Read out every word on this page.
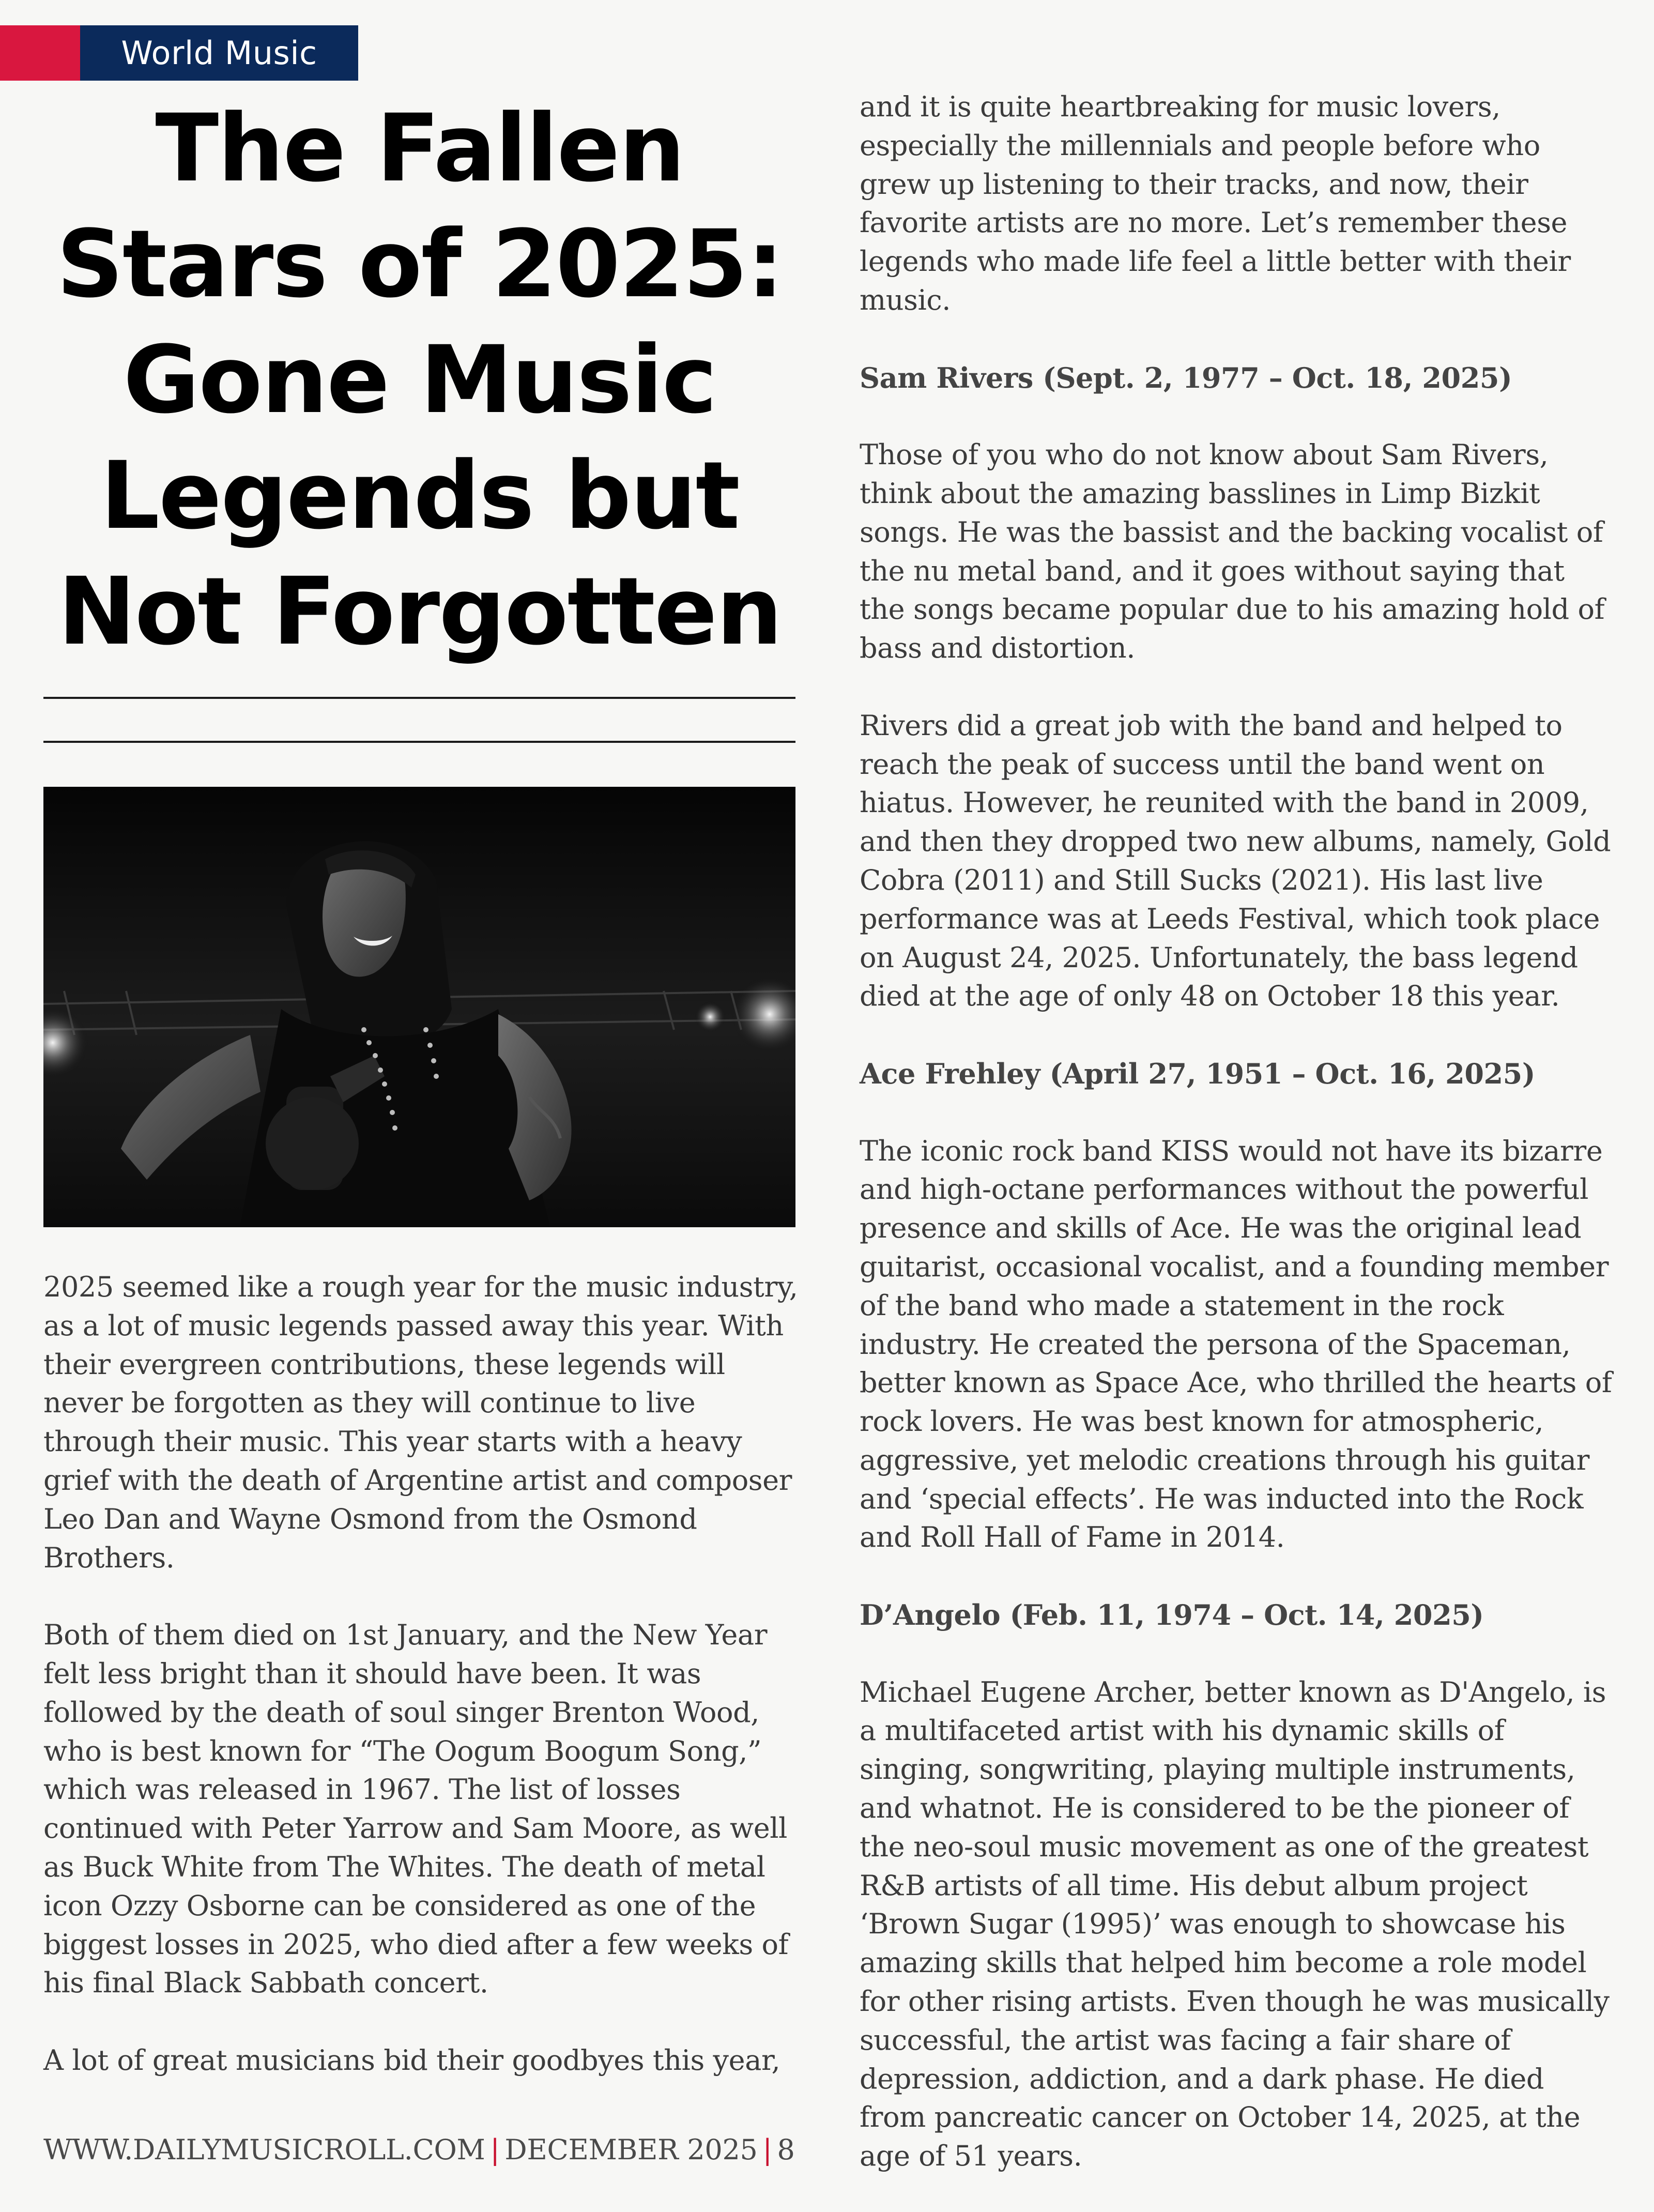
World Music
The Fallen Stars of 2025: Gone Music Legends but Not Forgotten

2025 seemed like a rough year for the music industry, as a lot of music legends passed away this year. With their evergreen contributions, these legends will never be forgotten as they will continue to live through their music. This year starts with a heavy grief with the death of Argentine artist and composer Leo Dan and Wayne Osmond from the Osmond Brothers.

Both of them died on 1st January, and the New Year felt less bright than it should have been. It was followed by the death of soul singer Brenton Wood, who is best known for “The Oogum Boogum Song,” which was released in 1967. The list of losses continued with Peter Yarrow and Sam Moore, as well as Buck White from The Whites. The death of metal icon Ozzy Osborne can be considered as one of the biggest losses in 2025, who died after a few weeks of his final Black Sabbath concert.

A lot of great musicians bid their goodbyes this year,

and it is quite heartbreaking for music lovers, especially the millennials and people before who grew up listening to their tracks, and now, their favorite artists are no more. Let’s remember these legends who made life feel a little better with their music.

Sam Rivers (Sept. 2, 1977 – Oct. 18, 2025)

Those of you who do not know about Sam Rivers, think about the amazing basslines in Limp Bizkit songs. He was the bassist and the backing vocalist of the nu metal band, and it goes without saying that the songs became popular due to his amazing hold of bass and distortion.

Rivers did a great job with the band and helped to reach the peak of success until the band went on hiatus. However, he reunited with the band in 2009, and then they dropped two new albums, namely, Gold Cobra (2011) and Still Sucks (2021). His last live performance was at Leeds Festival, which took place on August 24, 2025. Unfortunately, the bass legend died at the age of only 48 on October 18 this year.

Ace Frehley (April 27, 1951 – Oct. 16, 2025)

The iconic rock band KISS would not have its bizarre and high-octane performances without the powerful presence and skills of Ace. He was the original lead guitarist, occasional vocalist, and a founding member of the band who made a statement in the rock industry. He created the persona of the Spaceman, better known as Space Ace, who thrilled the hearts of rock lovers. He was best known for atmospheric, aggressive, yet melodic creations through his guitar and ‘special effects’. He was inducted into the Rock and Roll Hall of Fame in 2014.

D’Angelo (Feb. 11, 1974 – Oct. 14, 2025)

Michael Eugene Archer, better known as D'Angelo, is a multifaceted artist with his dynamic skills of singing, songwriting, playing multiple instruments, and whatnot. He is considered to be the pioneer of the neo-soul music movement as one of the greatest R&B artists of all time. His debut album project ‘Brown Sugar (1995)’ was enough to showcase his amazing skills that helped him become a role model for other rising artists. Even though he was musically successful, the artist was facing a fair share of depression, addiction, and a dark phase. He died from pancreatic cancer on October 14, 2025, at the age of 51 years.

WWW.DAILYMUSICROLL.COM | DECEMBER 2025 | 8
